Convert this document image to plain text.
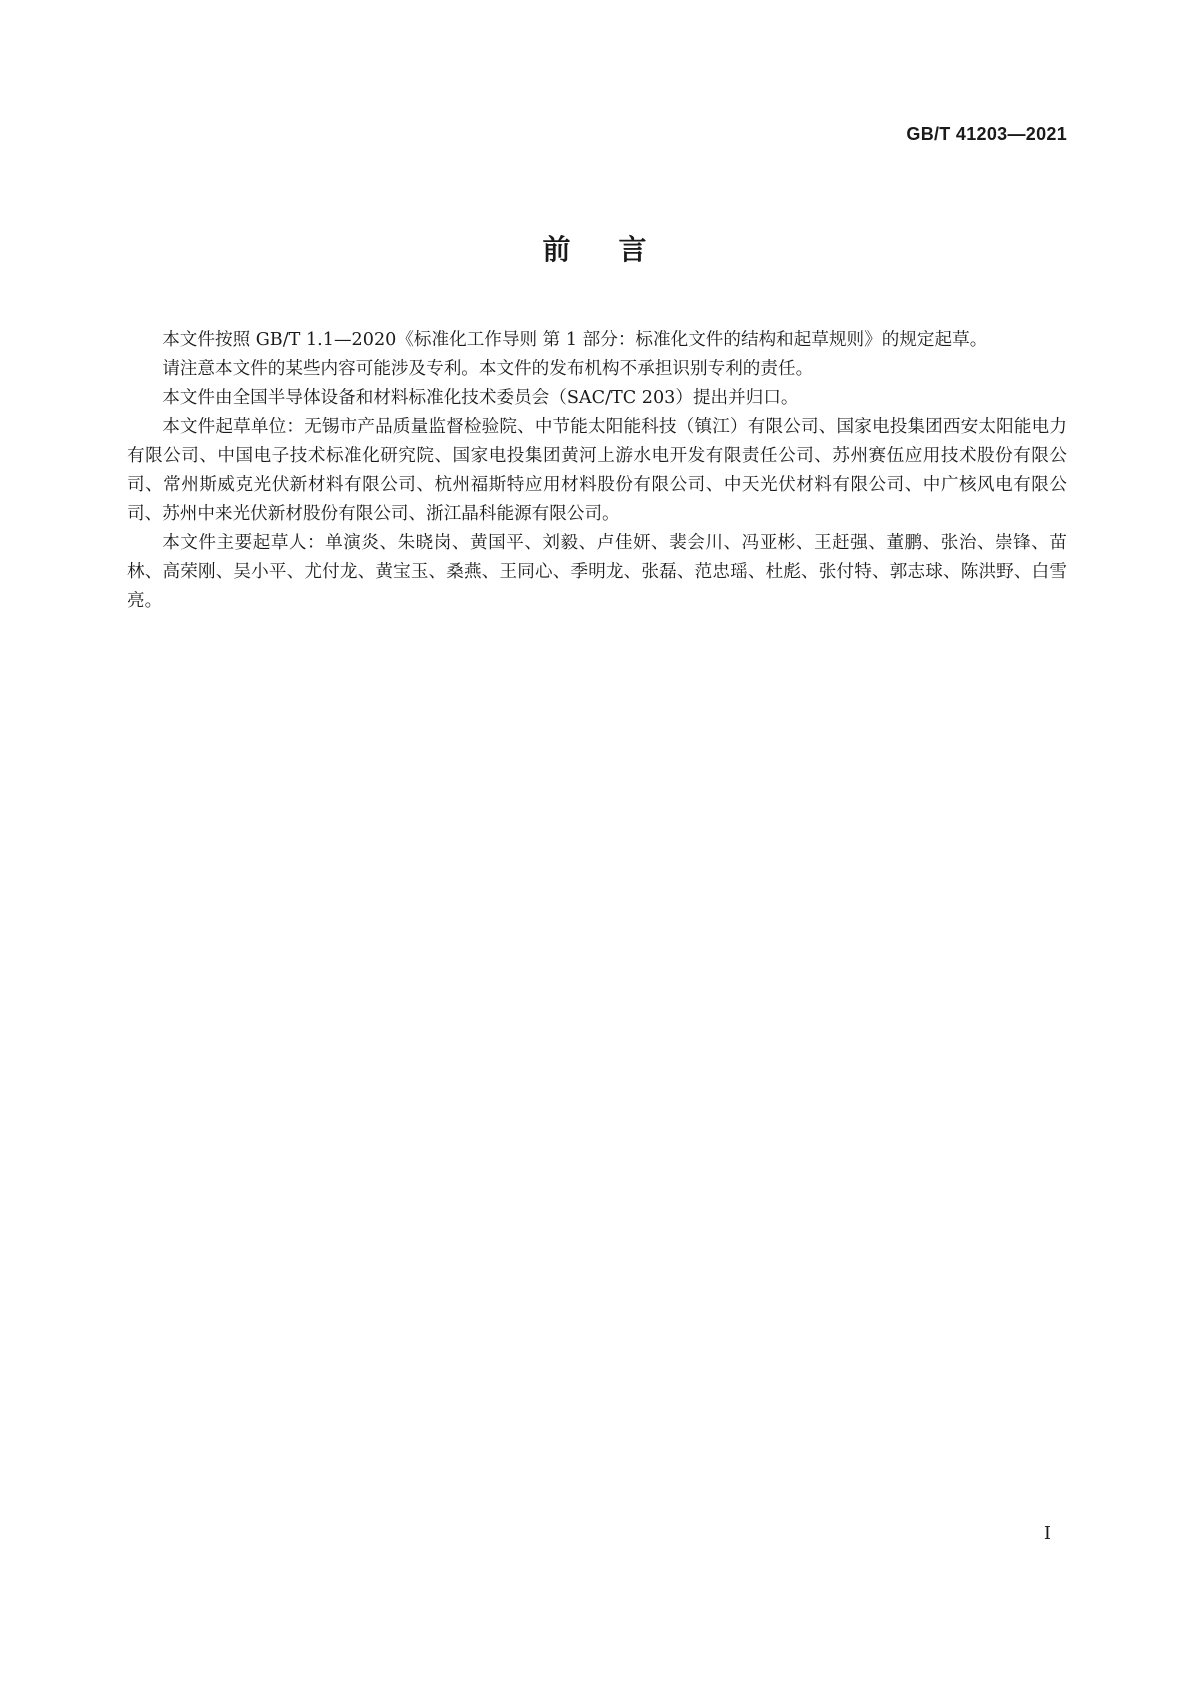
GB/T 41203—2021
前 言

本文件按照 GB/T 1.1—2020《标准化工作导则 第 1 部分：标准化文件的结构和起草规则》的规定起草。

请注意本文件的某些内容可能涉及专利。本文件的发布机构不承担识别专利的责任。

本文件由全国半导体设备和材料标准化技术委员会（SAC/TC 203）提出并归口。

本文件起草单位：无锡市产品质量监督检验院、中节能太阳能科技（镇江）有限公司、国家电投集团西安太阳能电力有限公司、中国电子技术标准化研究院、国家电投集团黄河上游水电开发有限责任公司、苏州赛伍应用技术股份有限公司、常州斯威克光伏新材料有限公司、杭州福斯特应用材料股份有限公司、中天光伏材料有限公司、中广核风电有限公司、苏州中来光伏新材股份有限公司、浙江晶科能源有限公司。

本文件主要起草人：单演炎、朱晓岗、黄国平、刘毅、卢佳妍、裴会川、冯亚彬、王赶强、董鹏、张治、崇锋、苗林、高荣刚、吴小平、尤付龙、黄宝玉、桑燕、王同心、季明龙、张磊、范忠瑶、杜彪、张付特、郭志球、陈洪野、白雪亮。

I
